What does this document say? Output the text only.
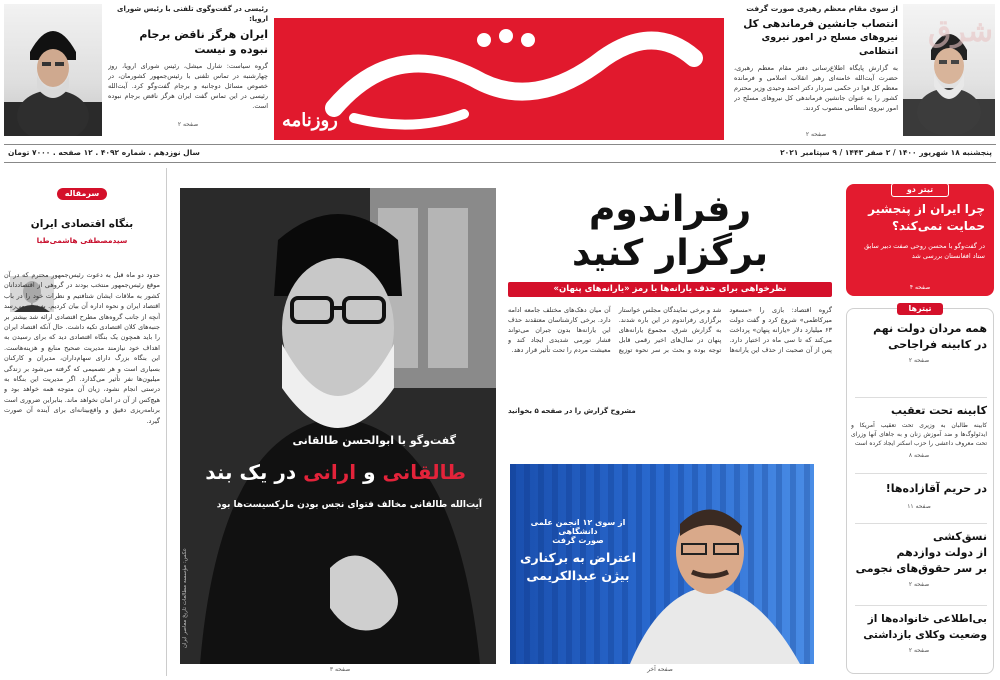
شرق
از سوی مقام معظم رهبری صورت گرفت
انتصاب جانشین فرماندهی کل
نیروهای مسلح در امور نیروی انتظامی
به گزارش پایگاه اطلاع‌رسانی دفتر مقام معظم رهبری، حضرت آیت‌الله خامنه‌ای رهبر انقلاب اسلامی و فرمانده معظم کل قوا در حکمی سردار دکتر احمد وحیدی وزیر محترم کشور را به عنوان جانشین فرماندهی کل نیروهای مسلح در امور نیروی انتظامی منصوب کردند.
صفحه ۲
روزنامه
رئیسی در گفت‌وگوی تلفنی با رئیس شورای اروپا:
ایران هرگز ناقض برجام
نبوده و نیست
گروه سیاست: شارل میشل، رئیس شورای اروپا، روز چهارشنبه در تماس تلفنی با رئیس‌جمهور کشورمان، در خصوص مسائل دوجانبه و برجام گفت‌وگو کرد. آیت‌الله رئیسی در این تماس گفت ایران هرگز ناقض برجام نبوده است.
صفحه ۲
پنجشنبه ۱۸ شهریور ۱۴۰۰ / ۲ صفر ۱۴۴۳ / ۹ سپتامبر ۲۰۲۱
سال نوزدهم . شماره ۴۰۹۲ . ۱۲ صفحه . ۷۰۰۰ تومان
تیتر دو
چرا ایران از پنجشیر
حمایت نمی‌کند؟
در گفت‌وگو با محسن روحی صفت دبیر سابق ستاد افغانستان بررسی شد
صفحه ۴
تیترها
همه مردان دولت نهم
در کابینه فراجاحی
صفحه ۲
کابینه تحت تعقیب
کابینه طالبان به وزیری تحت تعقیب آمریکا و ایدئولوگ‌ها و ضد آموزش زنان و به جاهای آنها وزرای تحت معروف داعشی را حزب اسکنر ایجاد کرده است
صفحه ۸
در حریم آقازاده‌ها!
صفحه ۱۱
نسق‌کشی
از دولت دوازدهم
بر سر حقوق‌های نجومی
صفحه ۲
بی‌اطلاعی خانواده‌ها از
وضعیت وکلای بازداشتی
صفحه ۲
رفراندوم
برگزار کنید
نظرخواهی برای حذف یارانه‌ها با رمز «یارانه‌های پنهان»
گروه اقتصاد: بازی را «مسعود میرکاظمی» شروع کرد و گفت دولت ۶۳ میلیارد دلار «یارانه پنهان» پرداخت می‌کند که تا سی ماه در اختیار دارد. پس از آن صحبت از حذف این یارانه‌ها شد و برخی نمایندگان مجلس خواستار برگزاری رفراندوم در این باره شدند. به گزارش شرق، مجموع یارانه‌های پنهان در سال‌های اخیر رقمی قابل توجه بوده و بحث بر سر نحوه توزیع آن میان دهک‌های مختلف جامعه ادامه دارد. برخی کارشناسان معتقدند حذف این یارانه‌ها بدون جبران می‌تواند فشار تورمی شدیدی ایجاد کند و معیشت مردم را تحت تأثیر قرار دهد.
مشروح گزارش را در صفحه ۵ بخوانید
از سوی ۱۲ انجمن علمی دانشگاهی
صورت گرفت
اعتراض به برکناری
بیژن عبدالکریمی
صفحه آخر
گفت‌وگو با ابوالحسن طالقانی
طالقانی و ارانی در یک بند
آیت‌الله طالقانی مخالف فتوای نجس بودن مارکسیست‌ها بود
عکس: مؤسسه مطالعات تاریخ معاصر ایران
صفحه ۳
سرمقاله
بنگاه اقتصادی ایران
سیدمصطفی هاشمی‌طبا
حدود دو ماه قبل به دعوت رئیس‌جمهور محترم که در آن موقع رئیس‌جمهور منتخب بودند در گروهی از اقتصاددانان کشور به ملاقات ایشان شتافتیم و نظرات خود را در باب اقتصاد ایران و نحوه اداره آن بیان کردیم. به نظر می‌رسد آنچه از جانب گروه‌های مطرح اقتصادی ارائه شد بیشتر بر جنبه‌های کلان اقتصادی تکیه داشت. حال آنکه اقتصاد ایران را باید همچون یک بنگاه اقتصادی دید که برای رسیدن به اهداف خود نیازمند مدیریت صحیح منابع و هزینه‌هاست. این بنگاه بزرگ دارای سهام‌داران، مدیران و کارکنان بسیاری است و هر تصمیمی که گرفته می‌شود بر زندگی میلیون‌ها نفر تأثیر می‌گذارد. اگر مدیریت این بنگاه به درستی انجام نشود، زیان آن متوجه همه خواهد بود و هیچ‌کس از آن در امان نخواهد ماند. بنابراین ضروری است برنامه‌ریزی دقیق و واقع‌بینانه‌ای برای آینده آن صورت گیرد.
